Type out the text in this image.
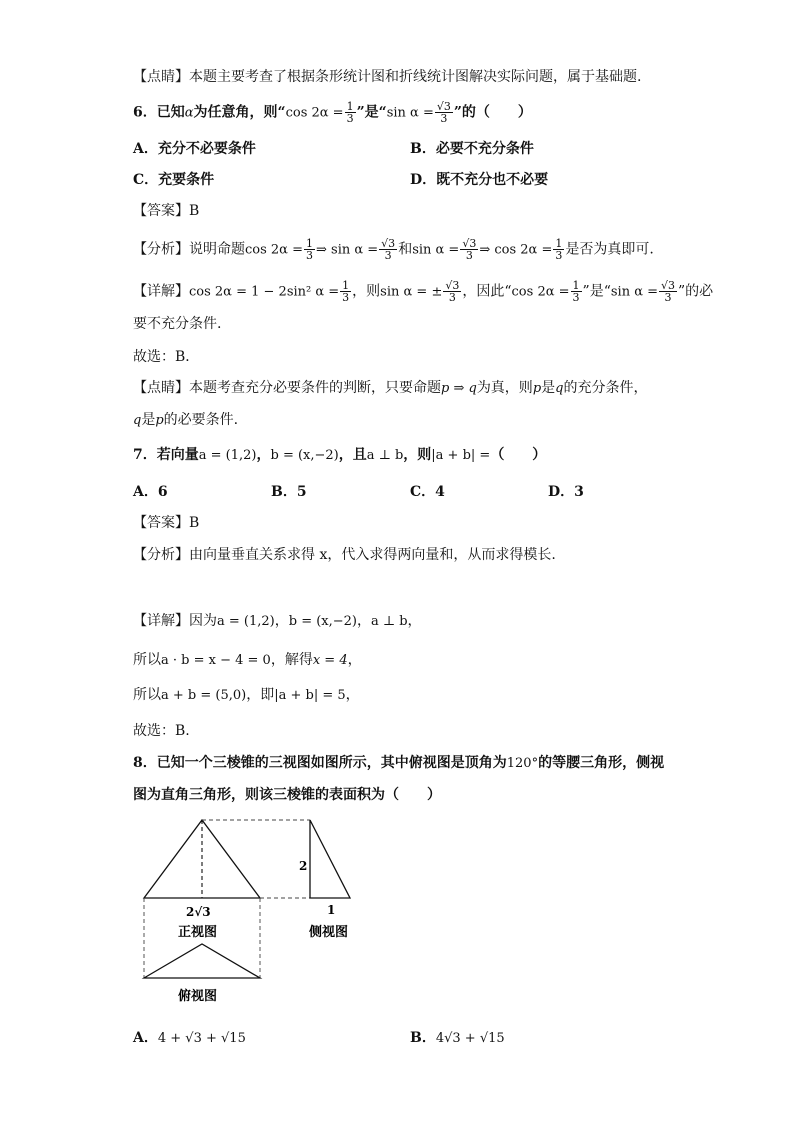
【点睛】本题主要考查了根据条形统计图和折线统计图解决实际问题，属于基础题.
6．已知α为任意角，则“cos $2\alpha = \frac{1}{3}$ ”是“sin $\alpha = \frac{√3}{3}$ ”的（　　）
A．充分不必要条件	B．必要不充分条件
C．充要条件	D．既不充分也不必要
【答案】B
【分析】说明命题$\cos 2\alpha = \frac{1}{3}$ ⇒ $\sin \alpha = \frac{√3}{3}$ 和$\sin \alpha = \frac{√3}{3}$ ⇒ $\cos 2\alpha = \frac{1}{3}$ 是否为真即可.
【详解】cos 2α = 1 − 2sin² $\alpha = \frac{1}{3}$ ，则sin α = ± $\frac{√3}{3}$ ，因此“cos $2\alpha = \frac{1}{3}$ ”是“sin $\alpha = \frac{√3}{3}$ ”的必
要不充分条件.
故选：B．
【点睛】本题考查充分必要条件的判断，只要命题p ⇒ q为真，则p是q的充分条件，
q是p的必要条件.
7．若向量a = (1,2)，b = (x,−2)，且a ⊥ b，则|a + b| =（　　）
A．6	B．5	C．4	D．3
【答案】B
【分析】由向量垂直关系求得 x，代入求得两向量和，从而求得模长.
【详解】因为a = (1,2)，b = (x,−2)，a ⊥ b，
所以a · b = x − 4 = 0，解得x = 4，
所以a + b = (5,0)，即|a + b| = 5，
故选：B.
8．已知一个三棱锥的三视图如图所示，其中俯视图是顶角为120°的等腰三角形，侧视
图为直角三角形，则该三棱锥的表面积为（　　）
2√3
正视图
2
1
侧视图
俯视图
A．4 + √3 + √15	B．4√3 + √15
